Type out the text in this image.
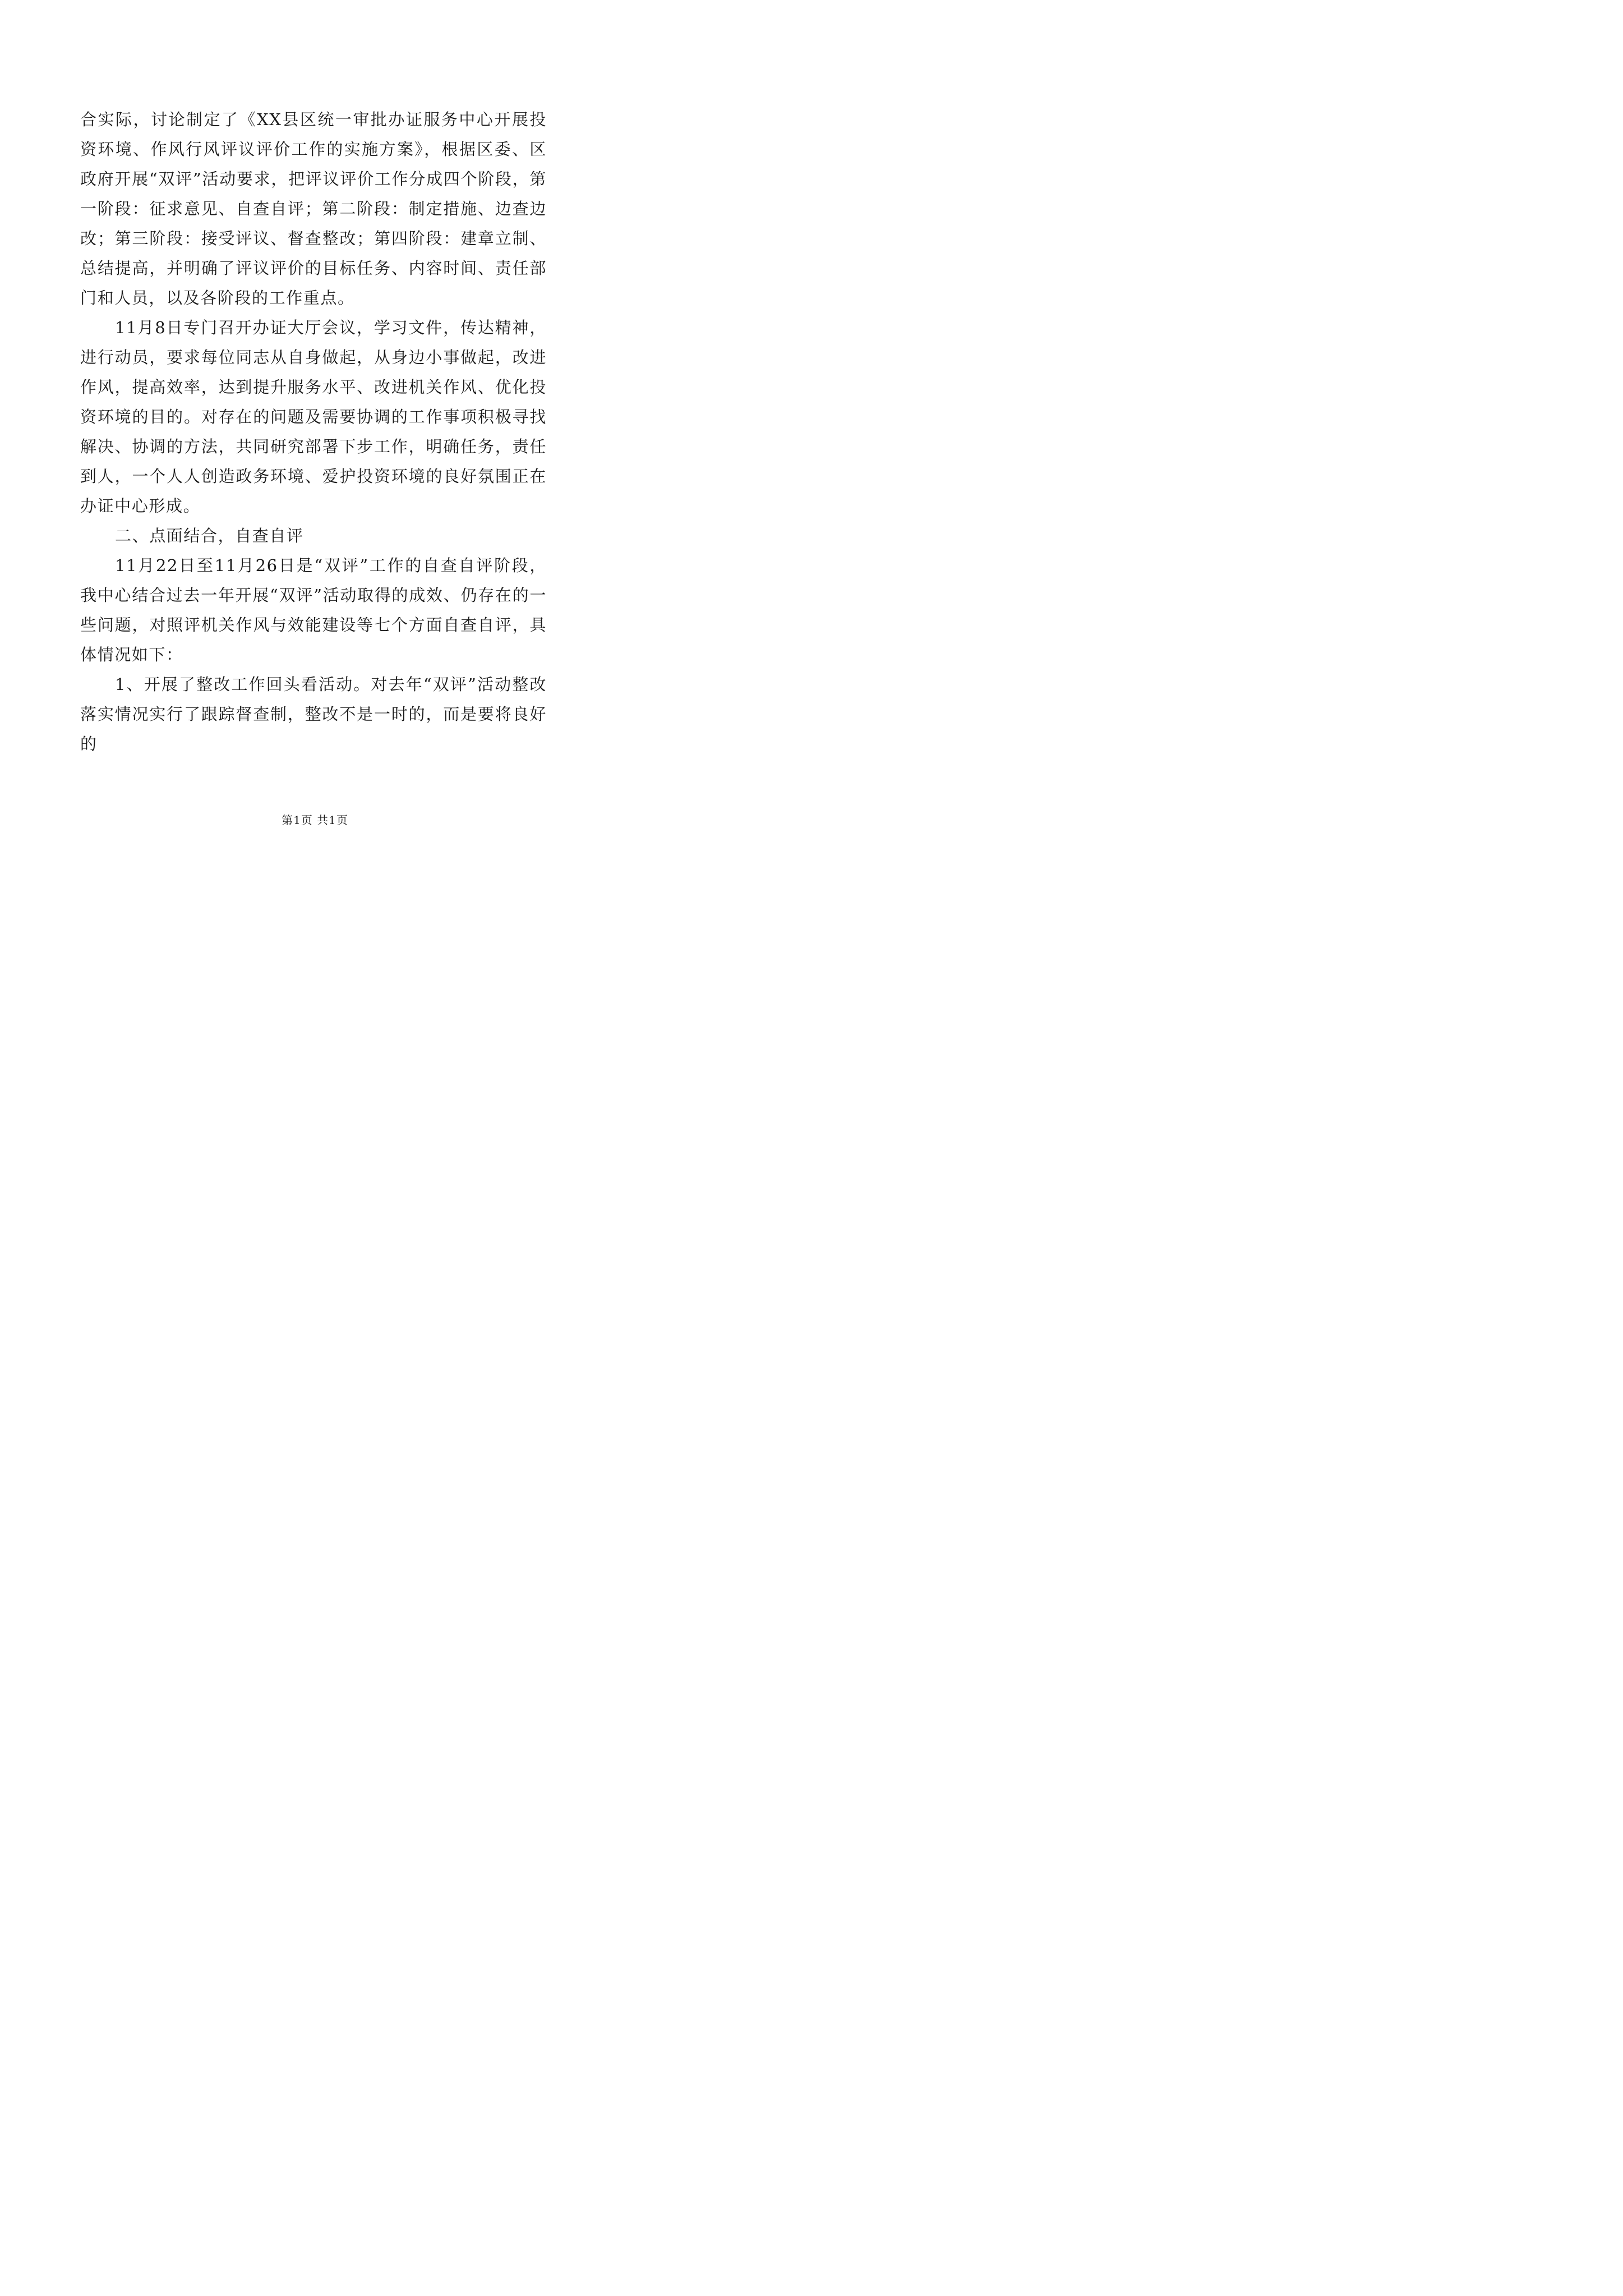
合实际，讨论制定了《XX县区统一审批办证服务中心开展投资环境、作风行风评议评价工作的实施方案》，根据区委、区政府开展“双评”活动要求，把评议评价工作分成四个阶段，第一阶段：征求意见、自查自评；第二阶段：制定措施、边查边改；第三阶段：接受评议、督查整改；第四阶段：建章立制、总结提高，并明确了评议评价的目标任务、内容时间、责任部门和人员，以及各阶段的工作重点。

11月8日专门召开办证大厅会议，学习文件，传达精神，进行动员，要求每位同志从自身做起，从身边小事做起，改进作风，提高效率，达到提升服务水平、改进机关作风、优化投资环境的目的。对存在的问题及需要协调的工作事项积极寻找解决、协调的方法，共同研究部署下步工作，明确任务，责任到人，一个人人创造政务环境、爱护投资环境的良好氛围正在办证中心形成。

二、点面结合，自查自评

11月22日至11月26日是“双评”工作的自查自评阶段，我中心结合过去一年开展“双评”活动取得的成效、仍存在的一些问题，对照评机关作风与效能建设等七个方面自查自评，具体情况如下：

1、开展了整改工作回头看活动。对去年“双评”活动整改落实情况实行了跟踪督查制，整改不是一时的，而是要将良好的

第1页 共1页
